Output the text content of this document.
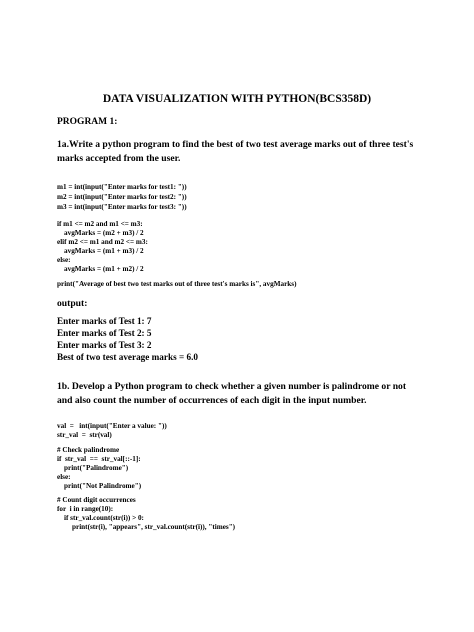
DATA VISUALIZATION WITH PYTHON(BCS358D)
PROGRAM 1:
1a.Write a python program to find the best of two test average marks out of three test's
marks accepted from the user.
m1 = int(input("Enter marks for test1: "))
m2 = int(input("Enter marks for test2: "))
m3 = int(input("Enter marks for test3: "))
if m1 <= m2 and m1 <= m3:
avgMarks = (m2 + m3) / 2
elif m2 <= m1 and m2 <= m3:
avgMarks = (m1 + m3) / 2
else:
avgMarks = (m1 + m2) / 2
print("Average of best two test marks out of three test's marks is", avgMarks)
output:
Enter marks of Test 1: 7
Enter marks of Test 2: 5
Enter marks of Test 3: 2
Best of two test average marks = 6.0
1b. Develop a Python program to check whether a given number is palindrome or not
and also count the number of occurrences of each digit in the input number.
val  =   int(input("Enter a value: "))
str_val  =  str(val)
# Check palindrome
if  str_val  ==  str_val[::-1]:
print("Palindrome")
else:
print("Not Palindrome")
# Count digit occurrences
for  i in range(10):
if str_val.count(str(i)) > 0:
print(str(i), "appears", str_val.count(str(i)), "times")
